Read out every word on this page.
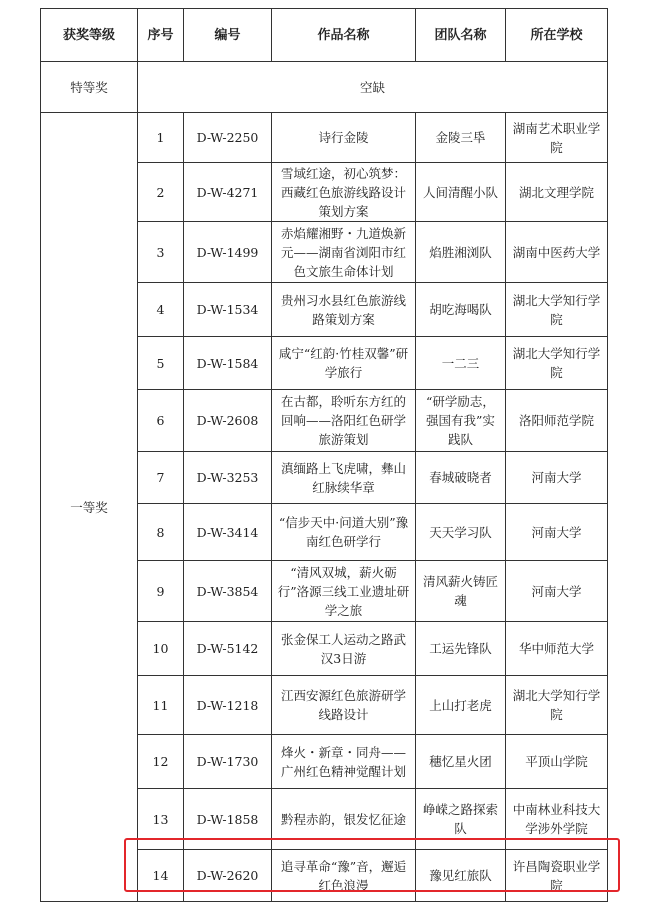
获奖等级	序号	编号	作品名称	团队名称	所在学校
特等奖	空缺				
一等奖	1	D-W-2250	诗行金陵	金陵三氒	湖南艺术职业学院
	2	D-W-4271	雪域红途，初心筑梦：西藏红色旅游线路设计策划方案	人间清醒小队	湖北文理学院
	3	D-W-1499	赤焰耀湘野・九道焕新元——湖南省浏阳市红色文旅生命体计划	焰胜湘浏队	湖南中医药大学
	4	D-W-1534	贵州习水县红色旅游线路策划方案	胡吃海喝队	湖北大学知行学院
	5	D-W-1584	咸宁“红韵·竹桂双馨”研学旅行	一二三	湖北大学知行学院
	6	D-W-2608	在古都，聆听东方红的回响——洛阳红色研学旅游策划	“研学励志，强国有我”实践队	洛阳师范学院
	7	D-W-3253	滇缅路上飞虎啸，彝山红脉续华章	春城破晓者	河南大学
	8	D-W-3414	“信步天中·问道大别”豫南红色研学行	天天学习队	河南大学
	9	D-W-3854	“清风双城，薪火砺行”洛源三线工业遗址研学之旅	清风薪火铸匠魂	河南大学
	10	D-W-5142	张金保工人运动之路武汉3日游	工运先锋队	华中师范大学
	11	D-W-1218	江西安源红色旅游研学线路设计	上山打老虎	湖北大学知行学院
	12	D-W-1730	烽火・新章・同舟——广州红色精神觉醒计划	穗忆星火团	平顶山学院
	13	D-W-1858	黔程赤韵，银发忆征途	峥嵘之路探索队	中南林业科技大学涉外学院
	14	D-W-2620	追寻革命“豫”音，邂逅红色浪漫	豫见红旅队	许昌陶瓷职业学院
